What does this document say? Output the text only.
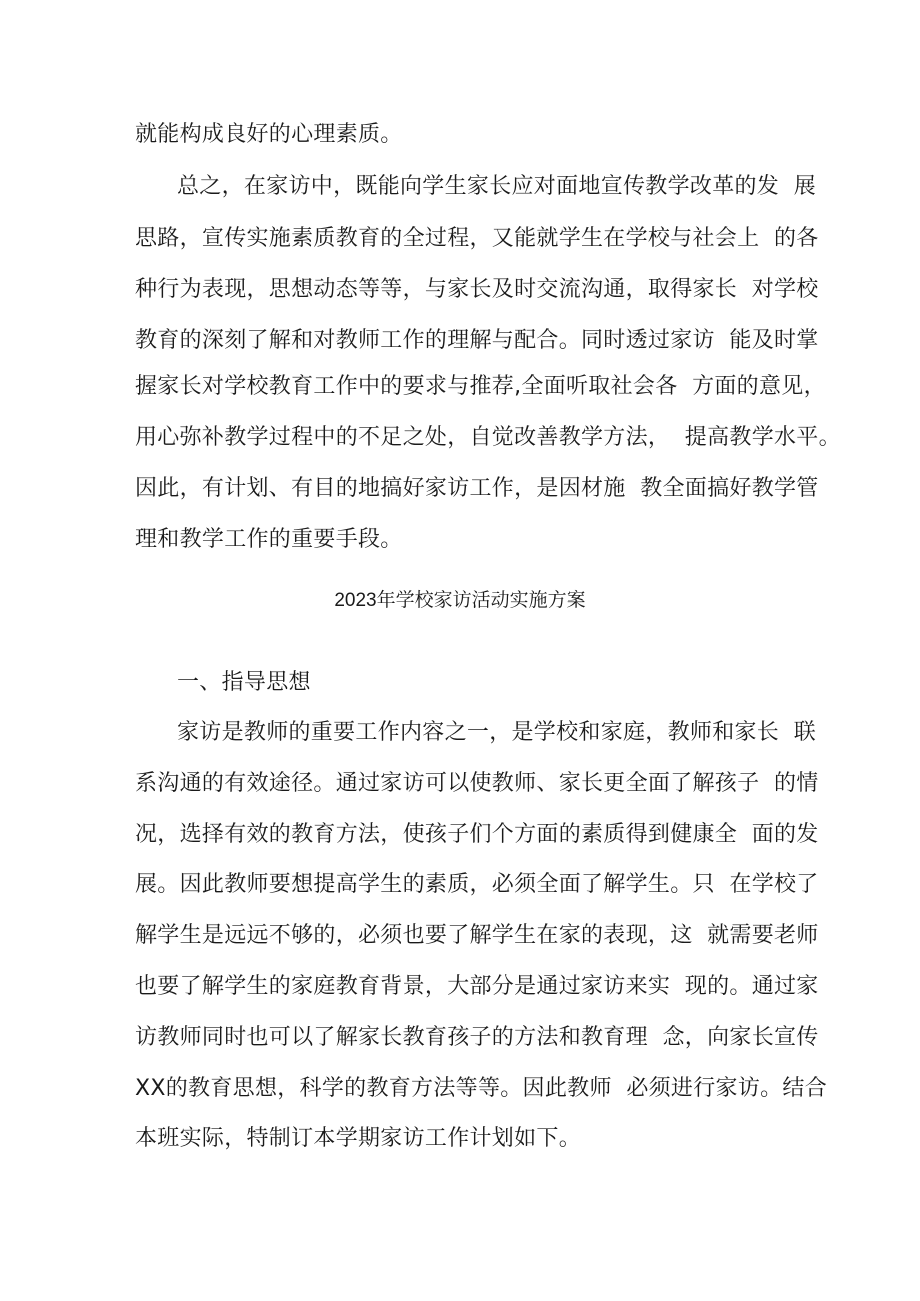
就能构成良好的心理素质。
总之，在家访中，既能向学生家长应对面地宣传教学改革的发  展
思路，宣传实施素质教育的全过程，又能就学生在学校与社会上  的各
种行为表现，思想动态等等，与家长及时交流沟通，取得家长  对学校
教育的深刻了解和对教师工作的理解与配合。同时透过家访  能及时掌
握家长对学校教育工作中的要求与推荐,全面听取社会各  方面的意见，
用心弥补教学过程中的不足之处，自觉改善教学方法，  提高教学水平。
因此，有计划、有目的地搞好家访工作，是因材施  教全面搞好教学管
理和教学工作的重要手段。
2023年学校家访活动实施方案
一、指导思想
家访是教师的重要工作内容之一，是学校和家庭，教师和家长  联
系沟通的有效途径。通过家访可以使教师、家长更全面了解孩子  的情
况，选择有效的教育方法，使孩子们个方面的素质得到健康全  面的发
展。因此教师要想提高学生的素质，必须全面了解学生。只  在学校了
解学生是远远不够的，必须也要了解学生在家的表现，这  就需要老师
也要了解学生的家庭教育背景，大部分是通过家访来实  现的。通过家
访教师同时也可以了解家长教育孩子的方法和教育理  念，向家长宣传
XX的教育思想，科学的教育方法等等。因此教师  必须进行家访。结合
本班实际，特制订本学期家访工作计划如下。
